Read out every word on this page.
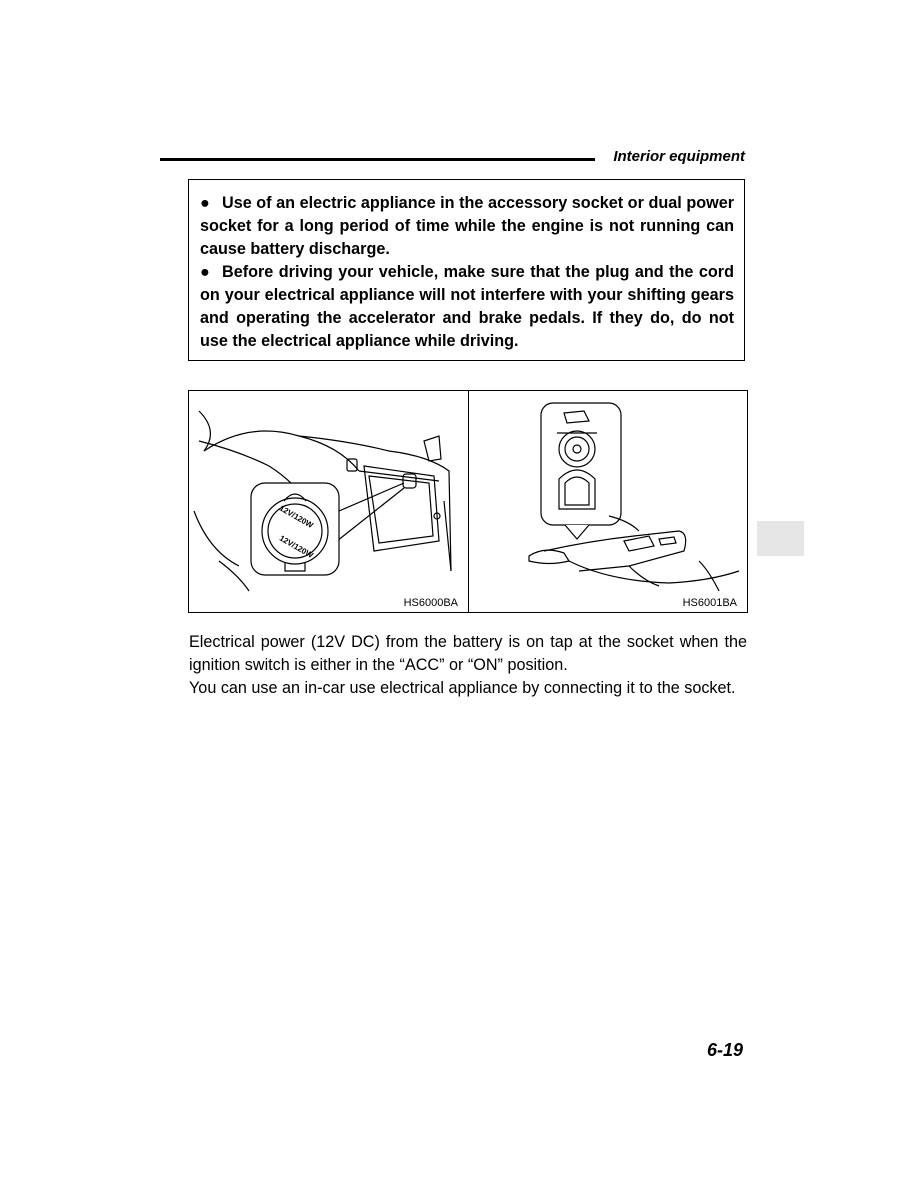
Interior equipment

● Use of an electric appliance in the accessory socket or dual power socket for a long period of time while the engine is not running can cause battery discharge.

● Before driving your vehicle, make sure that the plug and the cord on your electrical appliance will not interfere with your shifting gears and operating the accelerator and brake pedals. If they do, do not use the electrical appliance while driving.

12V/120W
12V/120W
HS6000BA	HS6001BA

Electrical power (12V DC) from the battery is on tap at the socket when the ignition switch is either in the “ACC” or “ON” position.

You can use an in-car use electrical appliance by connecting it to the socket.

6-19
